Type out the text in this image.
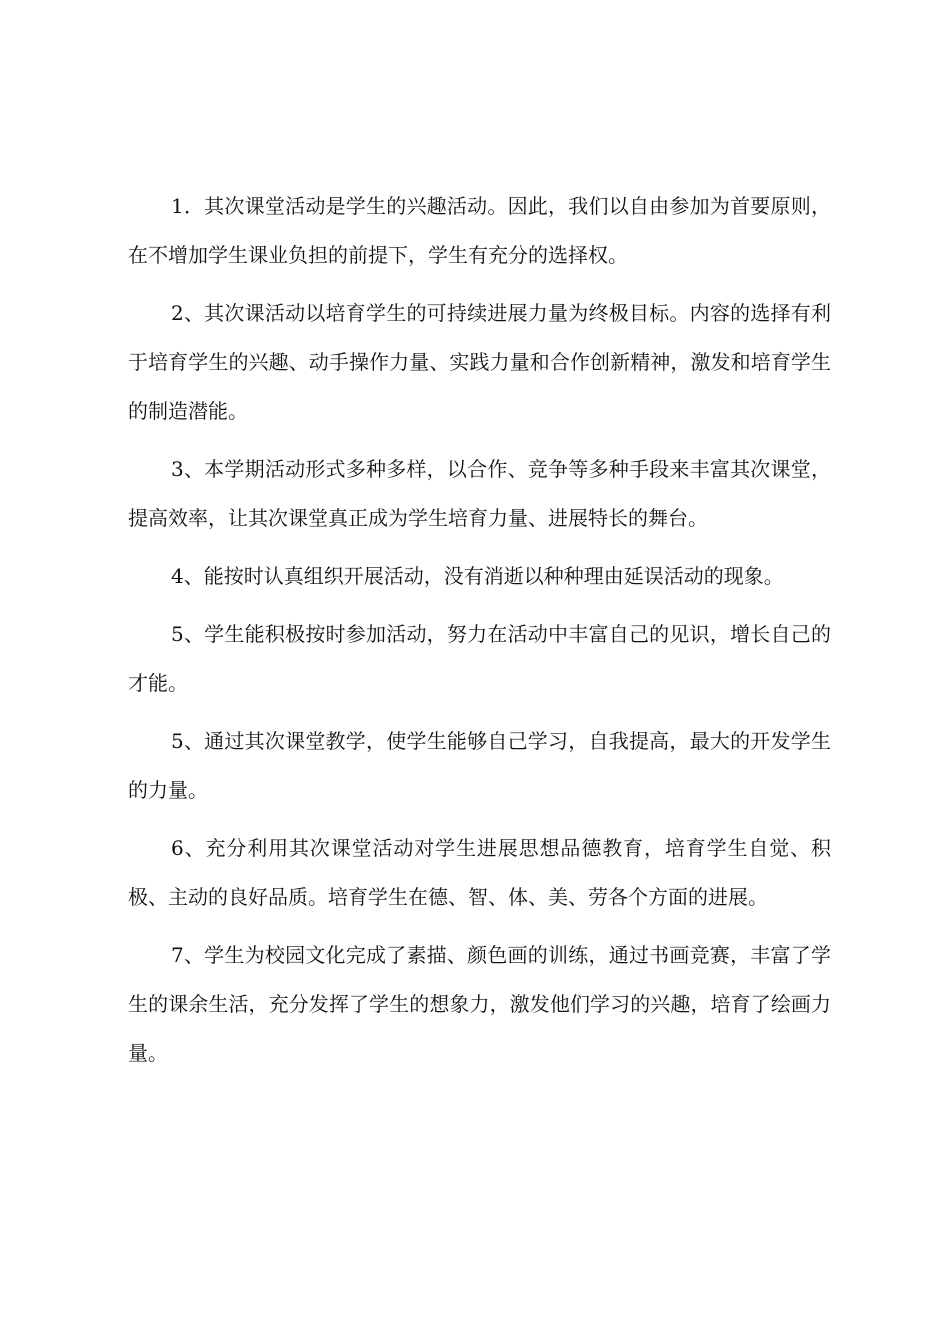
1．其次课堂活动是学生的兴趣活动。因此，我们以自由参加为首要原则，在不增加学生课业负担的前提下，学生有充分的选择权。

2、其次课活动以培育学生的可持续进展力量为终极目标。内容的选择有利于培育学生的兴趣、动手操作力量、实践力量和合作创新精神，激发和培育学生的制造潜能。

3、本学期活动形式多种多样，以合作、竞争等多种手段来丰富其次课堂，提高效率，让其次课堂真正成为学生培育力量、进展特长的舞台。

4、能按时认真组织开展活动，没有消逝以种种理由延误活动的现象。

5、学生能积极按时参加活动，努力在活动中丰富自己的见识，增长自己的才能。

5、通过其次课堂教学，使学生能够自己学习，自我提高，最大的开发学生的力量。

6、充分利用其次课堂活动对学生进展思想品德教育，培育学生自觉、积极、主动的良好品质。培育学生在德、智、体、美、劳各个方面的进展。

7、学生为校园文化完成了素描、颜色画的训练，通过书画竞赛，丰富了学生的课余生活，充分发挥了学生的想象力，激发他们学习的兴趣，培育了绘画力量。
